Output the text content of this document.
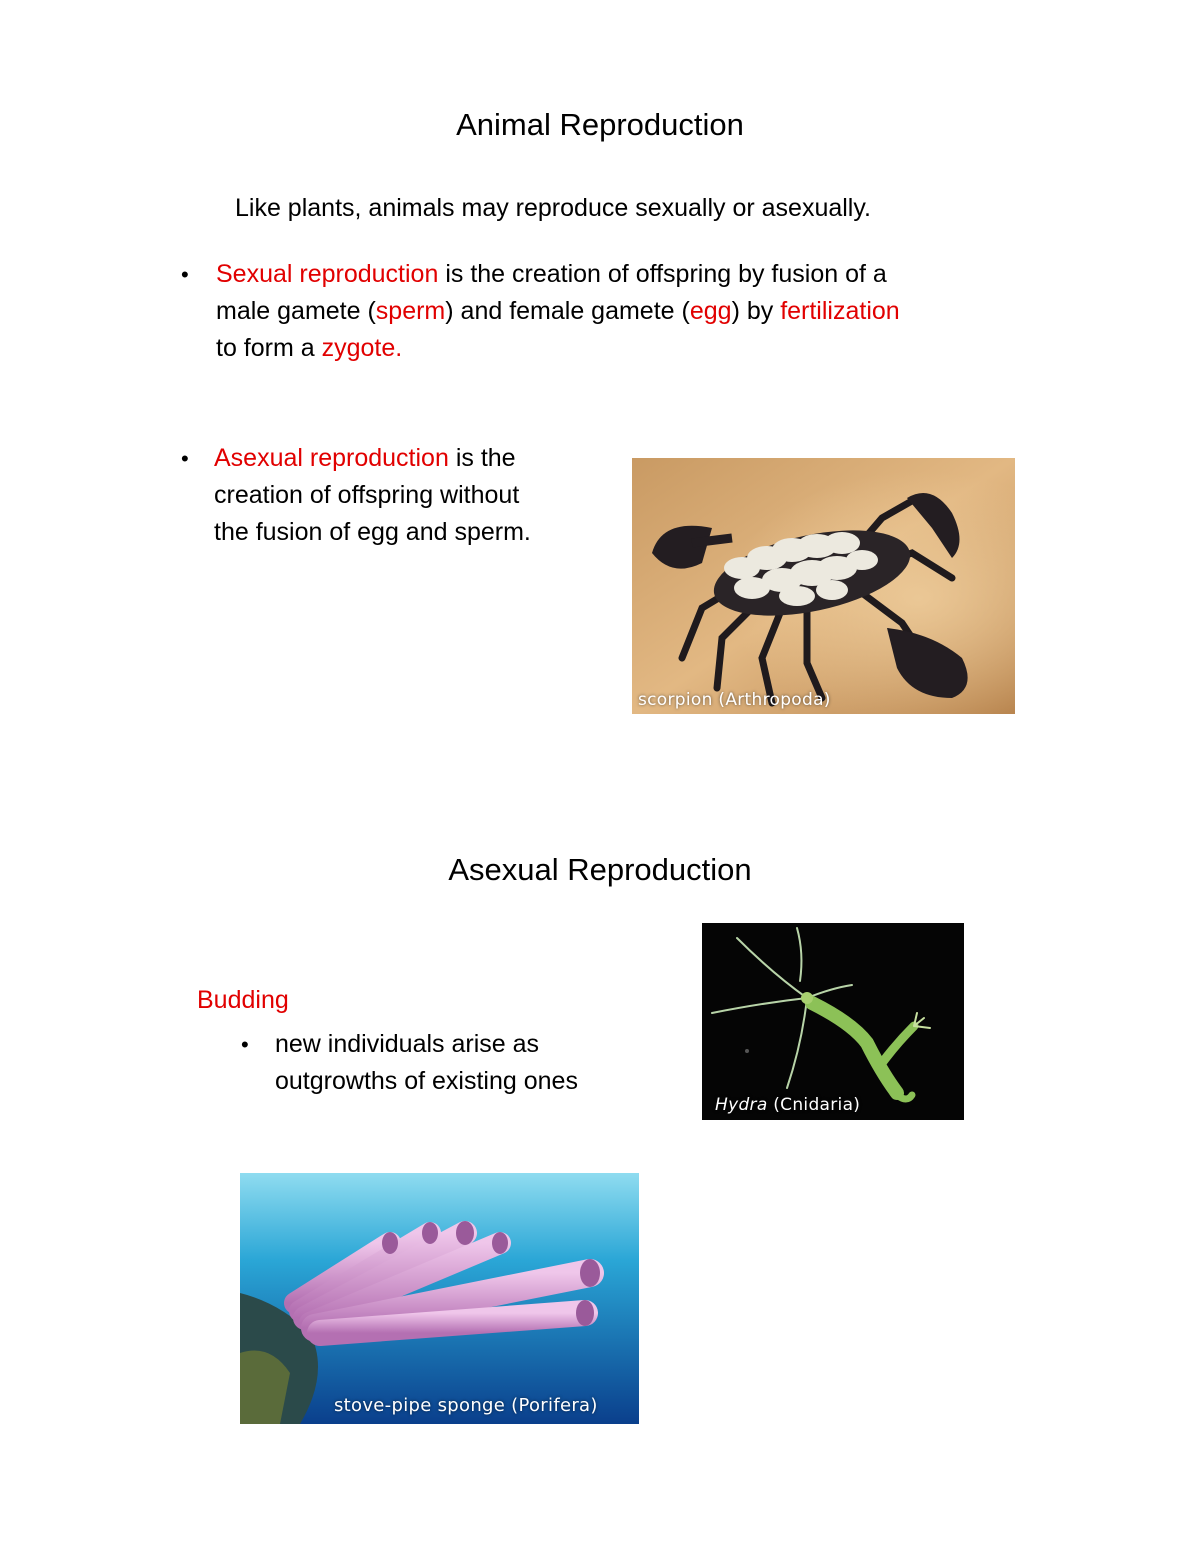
Animal Reproduction
Like plants, animals may reproduce sexually or asexually.
• Sexual reproduction is the creation of offspring by fusion of a
male gamete (sperm) and female gamete (egg) by fertilization
to form a zygote.
• Asexual reproduction is the
creation of offspring without
the fusion of egg and sperm.
scorpion (Arthropoda)
Asexual Reproduction
Budding
• new individuals arise as
outgrowths of existing ones
Hydra (Cnidaria)
stove-pipe sponge (Porifera)
